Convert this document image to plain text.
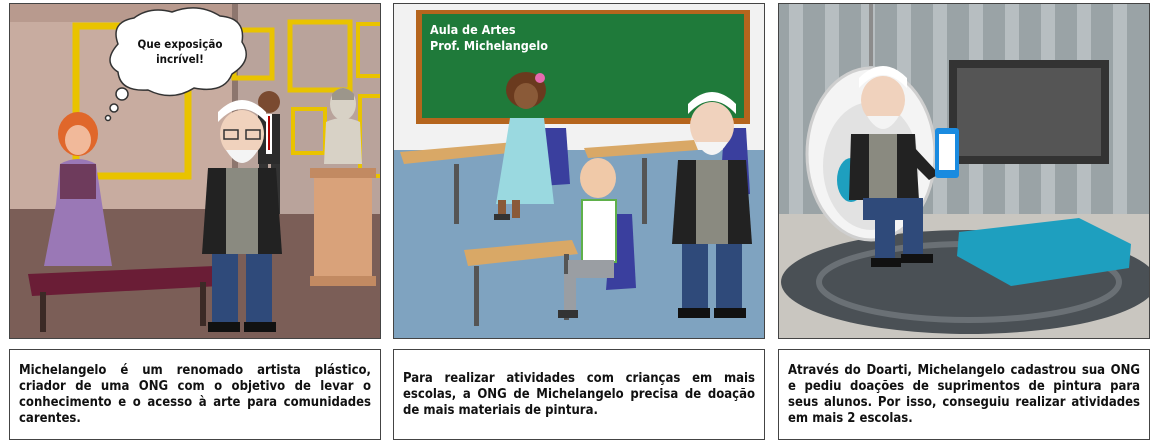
Que exposição
incrível!
Aula de Artes
Prof. Michelangelo

Michelangelo é um renomado artista plástico, criador de uma ONG com o objetivo de levar o conhecimento e o acesso à arte para comunidades carentes.

Para realizar atividades com crianças em mais escolas, a ONG de Michelangelo precisa de doação de mais materiais de pintura.

Através do Doarti, Michelangelo cadastrou sua ONG e pediu doações de suprimentos de pintura para seus alunos. Por isso, conseguiu realizar atividades em mais 2 escolas.
